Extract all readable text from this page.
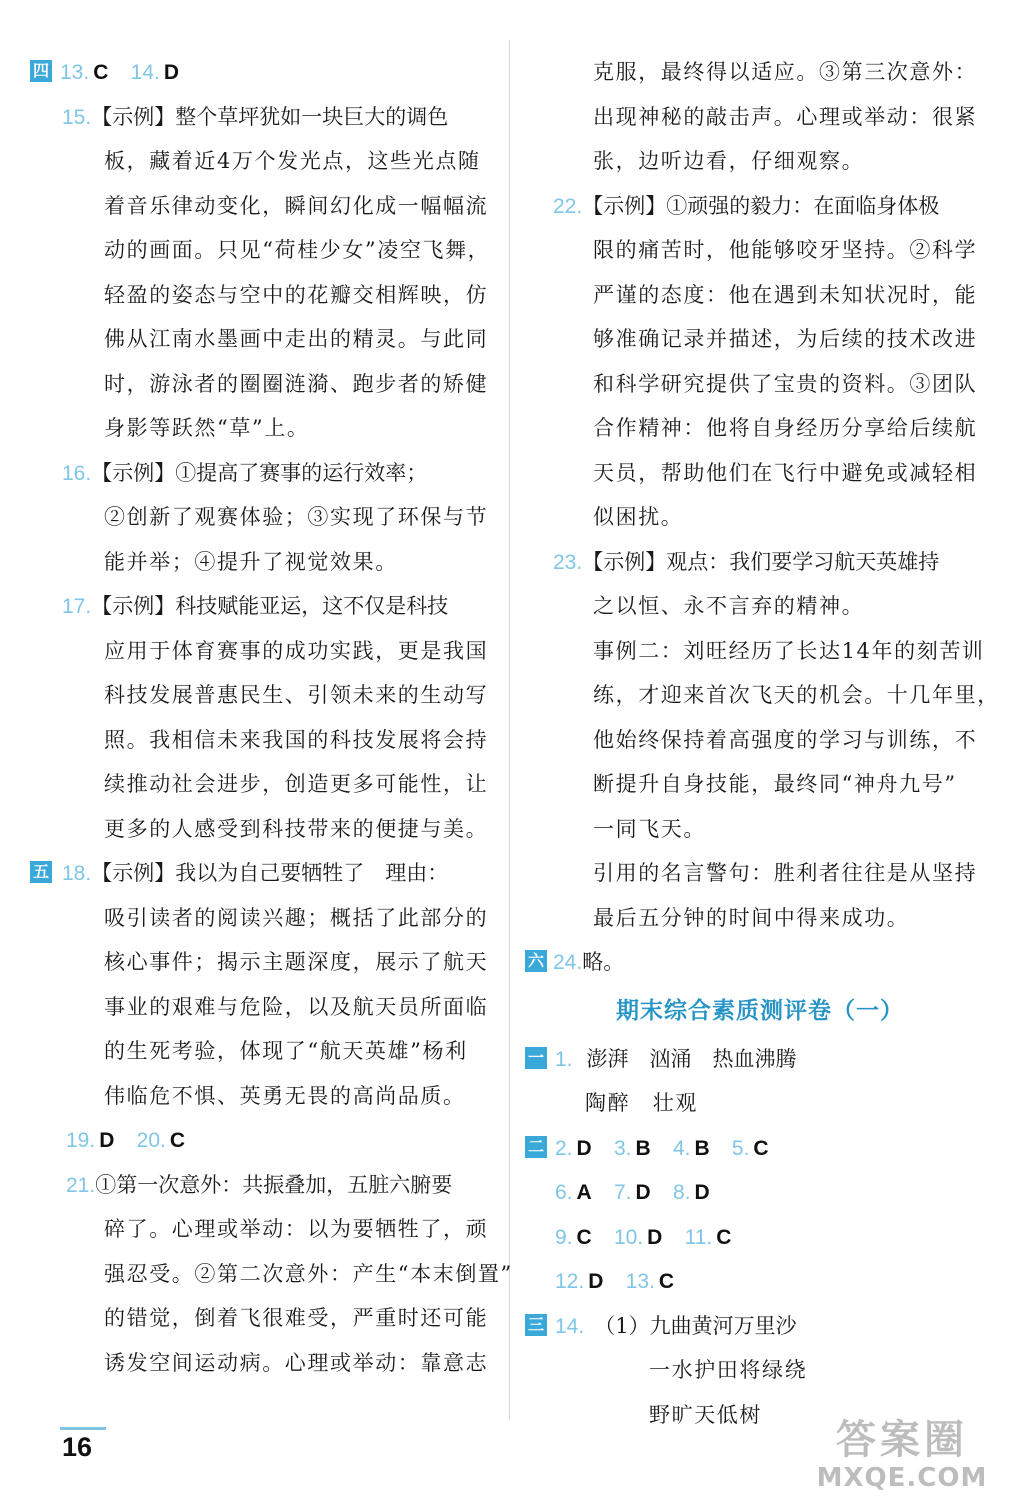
四 13. C 14. D
15.【示例】整个草坪犹如一块巨大的调色
板，藏着近4万个发光点，这些光点随
着音乐律动变化，瞬间幻化成一幅幅流
动的画面。只见“荷桂少女”凌空飞舞，
轻盈的姿态与空中的花瓣交相辉映，仿
佛从江南水墨画中走出的精灵。与此同
时，游泳者的圈圈涟漪、跑步者的矫健
身影等跃然“草”上。
16.【示例】①提高了赛事的运行效率；
②创新了观赛体验；③实现了环保与节
能并举；④提升了视觉效果。
17.【示例】科技赋能亚运，这不仅是科技
应用于体育赛事的成功实践，更是我国
科技发展普惠民生、引领未来的生动写
照。我相信未来我国的科技发展将会持
续推动社会进步，创造更多可能性，让
更多的人感受到科技带来的便捷与美。
五 18.【示例】我以为自己要牺牲了　理由：
吸引读者的阅读兴趣；概括了此部分的
核心事件；揭示主题深度，展示了航天
事业的艰难与危险，以及航天员所面临
的生死考验，体现了“航天英雄”杨利
伟临危不惧、英勇无畏的高尚品质。
19. D 20. C
21.①第一次意外：共振叠加，五脏六腑要
碎了。心理或举动：以为要牺牲了，顽
强忍受。②第二次意外：产生“本末倒置”
的错觉，倒着飞很难受，严重时还可能
诱发空间运动病。心理或举动：靠意志
克服，最终得以适应。③第三次意外：
出现神秘的敲击声。心理或举动：很紧
张，边听边看，仔细观察。
22.【示例】①顽强的毅力：在面临身体极
限的痛苦时，他能够咬牙坚持。②科学
严谨的态度：他在遇到未知状况时，能
够准确记录并描述，为后续的技术改进
和科学研究提供了宝贵的资料。③团队
合作精神：他将自身经历分享给后续航
天员，帮助他们在飞行中避免或减轻相
似困扰。
23.【示例】观点：我们要学习航天英雄持
之以恒、永不言弃的精神。
事例二：刘旺经历了长达14年的刻苦训
练，才迎来首次飞天的机会。十几年里，
他始终保持着高强度的学习与训练，不
断提升自身技能，最终同“神舟九号”
一同飞天。
引用的名言警句：胜利者往往是从坚持
最后五分钟的时间中得来成功。
六 24.略。
期末综合素质测评卷（一）
一 1. 澎湃　汹涌　热血沸腾
陶醉　壮观
二 2. D 3. B 4. B 5. C
6. A 7. D 8. D
9. C 10. D 11. C
12. D 13. C
三 14. （1）九曲黄河万里沙
一水护田将绿绕
野旷天低树
16	答案圈
MXQE.COM
